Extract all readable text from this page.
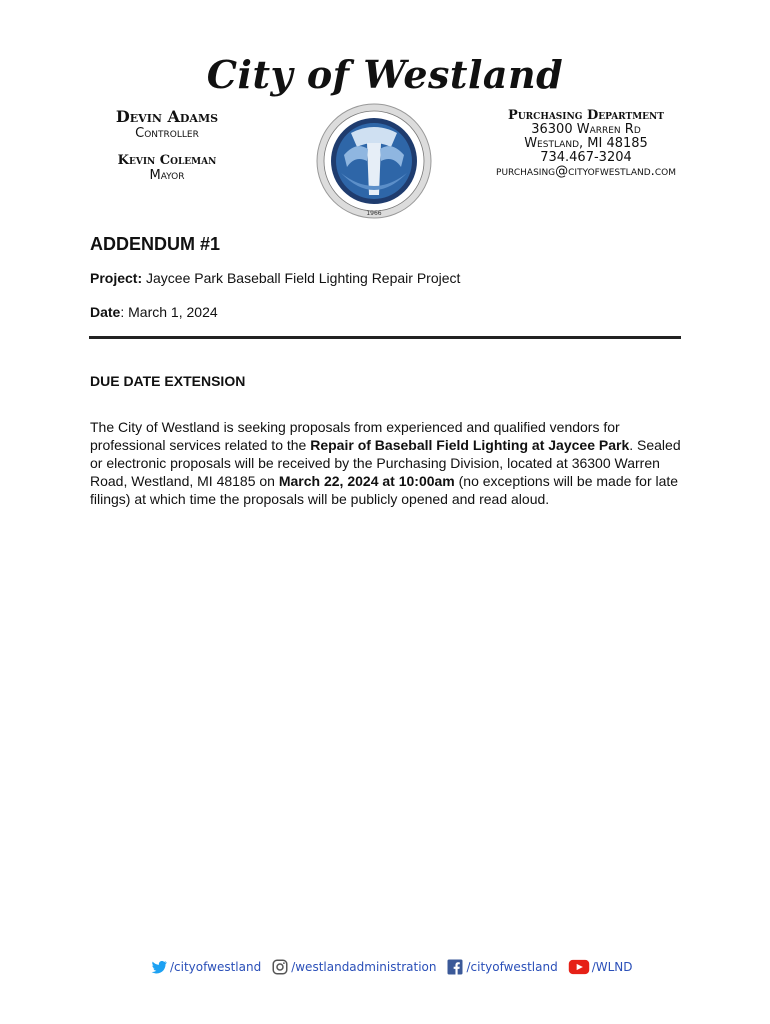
City of Westland
Devin Adams
Controller
Kevin Coleman
Mayor
1966
Purchasing Department
36300 Warren Rd
Westland, MI 48185
734.467-3204
purchasing@cityofwestland.com
ADDENDUM #1
Project: Jaycee Park Baseball Field Lighting Repair Project
Date: March 1, 2024
DUE DATE EXTENSION
The City of Westland is seeking proposals from experienced and qualified vendors for professional services related to the Repair of Baseball Field Lighting at Jaycee Park. Sealed or electronic proposals will be received by the Purchasing Division, located at 36300 Warren Road, Westland, MI 48185 on March 22, 2024 at 10:00am (no exceptions will be made for late filings) at which time the proposals will be publicly opened and read aloud.
/cityofwestland	/westlandadministration	/cityofwestland	/WLND
